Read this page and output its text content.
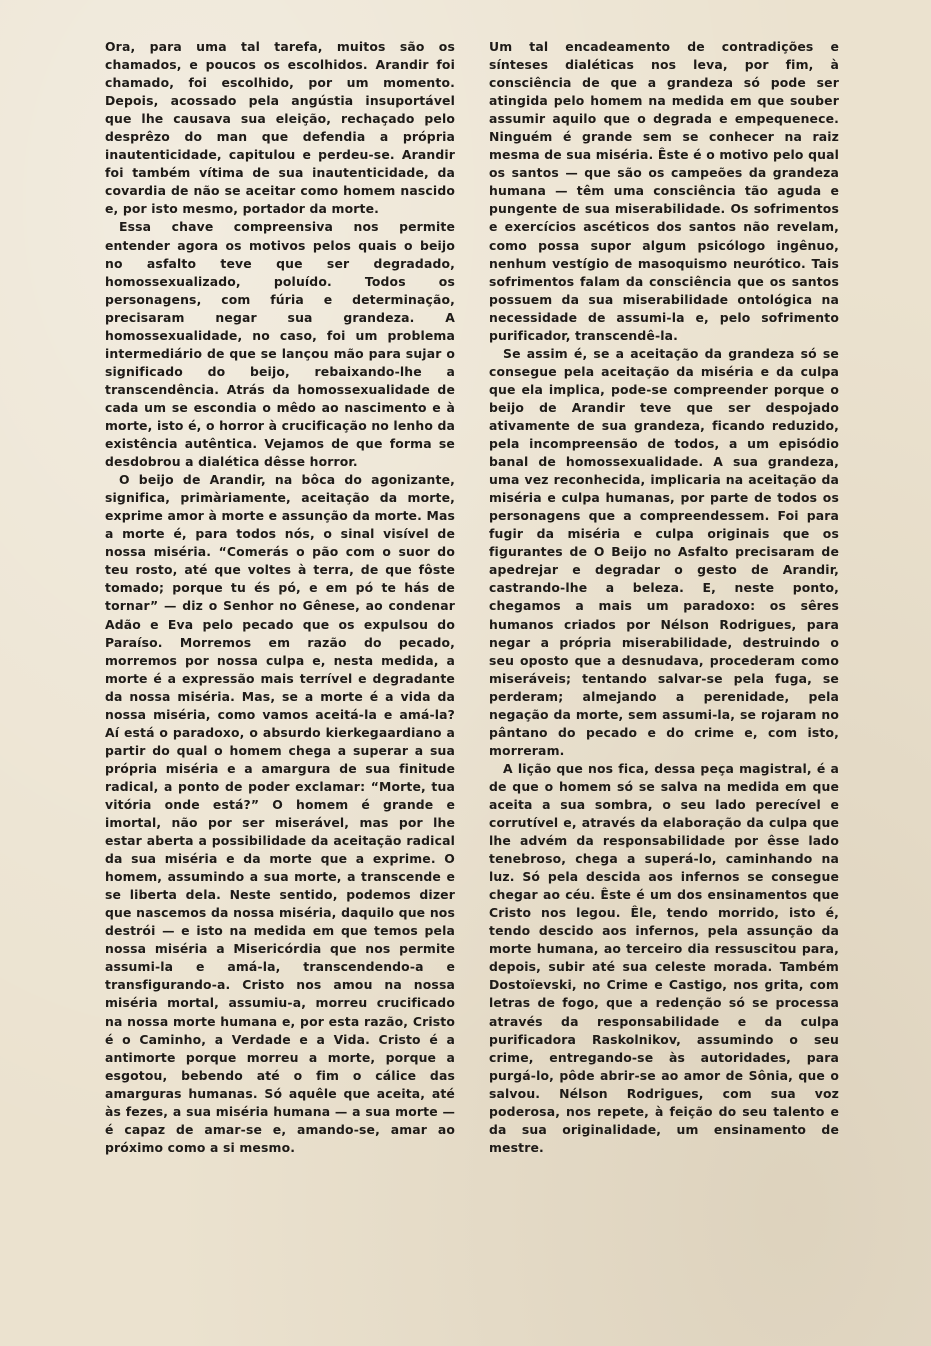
Ora, para uma tal tarefa, muitos são os chamados, e poucos os escolhidos. Arandir foi chamado, foi escolhido, por um momento. Depois, acossado pela angústia insuportável que lhe causava sua eleição, rechaçado pelo desprêzo do man que defendia a própria inautenticidade, capitulou e perdeu-se. Arandir foi também vítima de sua inautenticidade, da covardia de não se aceitar como homem nascido e, por isto mesmo, portador da morte.

Essa chave compreensiva nos permite entender agora os motivos pelos quais o beijo no asfalto teve que ser degradado, homossexualizado, poluído. Todos os personagens, com fúria e determinação, precisaram negar sua grandeza. A homossexualidade, no caso, foi um problema intermediário de que se lançou mão para sujar o significado do beijo, rebaixando-lhe a transcendência. Atrás da homossexualidade de cada um se escondia o mêdo ao nascimento e à morte, isto é, o horror à crucificação no lenho da existência autêntica. Vejamos de que forma se desdobrou a dialética dêsse horror.

O beijo de Arandir, na bôca do agonizante, significa, primàriamente, aceitação da morte, exprime amor à morte e assunção da morte. Mas a morte é, para todos nós, o sinal visível de nossa miséria. “Comerás o pão com o suor do teu rosto, até que voltes à terra, de que fôste tomado; porque tu és pó, e em pó te hás de tornar” — diz o Senhor no Gênese, ao condenar Adão e Eva pelo pecado que os expulsou do Paraíso. Morremos em razão do pecado, morremos por nossa culpa e, nesta medida, a morte é a expressão mais terrível e degradante da nossa miséria. Mas, se a morte é a vida da nossa miséria, como vamos aceitá-la e amá-la? Aí está o paradoxo, o absurdo kierkegaardiano a partir do qual o homem chega a superar a sua própria miséria e a amargura de sua finitude radical, a ponto de poder exclamar: “Morte, tua vitória onde está?” O homem é grande e imortal, não por ser miserável, mas por lhe estar aberta a possibilidade da aceitação radical da sua miséria e da morte que a exprime. O homem, assumindo a sua morte, a transcende e se liberta dela. Neste sentido, podemos dizer que nascemos da nossa miséria, daquilo que nos destrói — e isto na medida em que temos pela nossa miséria a Misericórdia que nos permite assumi-la e amá-la, transcendendo-a e transfigurando-a. Cristo nos amou na nossa miséria mortal, assumiu-a, morreu crucificado na nossa morte humana e, por esta razão, Cristo é o Caminho, a Verdade e a Vida. Cristo é a antimorte porque morreu a morte, porque a esgotou, bebendo até o fim o cálice das amarguras humanas. Só aquêle que aceita, até às fezes, a sua miséria humana — a sua morte — é capaz de amar-se e, amando-se, amar ao próximo como a si mesmo.

Um tal encadeamento de contradições e sínteses dialéticas nos leva, por fim, à consciência de que a grandeza só pode ser atingida pelo homem na medida em que souber assumir aquilo que o degrada e empequenece. Ninguém é grande sem se conhecer na raiz mesma de sua miséria. Êste é o motivo pelo qual os santos — que são os campeões da grandeza humana — têm uma consciência tão aguda e pungente de sua miserabilidade. Os sofrimentos e exercícios ascéticos dos santos não revelam, como possa supor algum psicólogo ingênuo, nenhum vestígio de masoquismo neurótico. Tais sofrimentos falam da consciência que os santos possuem da sua miserabilidade ontológica na necessidade de assumi-la e, pelo sofrimento purificador, transcendê-la.

Se assim é, se a aceitação da grandeza só se consegue pela aceitação da miséria e da culpa que ela implica, pode-se compreender porque o beijo de Arandir teve que ser despojado ativamente de sua grandeza, ficando reduzido, pela incompreensão de todos, a um episódio banal de homossexualidade. A sua grandeza, uma vez reconhecida, implicaria na aceitação da miséria e culpa humanas, por parte de todos os personagens que a compreendessem. Foi para fugir da miséria e culpa originais que os figurantes de O Beijo no Asfalto precisaram de apedrejar e degradar o gesto de Arandir, castrando-lhe a beleza. E, neste ponto, chegamos a mais um paradoxo: os sêres humanos criados por Nélson Rodrigues, para negar a própria miserabilidade, destruindo o seu oposto que a desnudava, procederam como miseráveis; tentando salvar-se pela fuga, se perderam; almejando a perenidade, pela negação da morte, sem assumi-la, se rojaram no pântano do pecado e do crime e, com isto, morreram.

A lição que nos fica, dessa peça magistral, é a de que o homem só se salva na medida em que aceita a sua sombra, o seu lado perecível e corrutível e, através da elaboração da culpa que lhe advém da responsabilidade por êsse lado tenebroso, chega a superá-lo, caminhando na luz. Só pela descida aos infernos se consegue chegar ao céu. Êste é um dos ensinamentos que Cristo nos legou. Êle, tendo morrido, isto é, tendo descido aos infernos, pela assunção da morte humana, ao terceiro dia ressuscitou para, depois, subir até sua celeste morada. Também Dostoïevski, no Crime e Castigo, nos grita, com letras de fogo, que a redenção só se processa através da responsabilidade e da culpa purificadora Raskolnikov, assumindo o seu crime, entregando-se às autoridades, para purgá-lo, pôde abrir-se ao amor de Sônia, que o salvou. Nélson Rodrigues, com sua voz poderosa, nos repete, à feição do seu talento e da sua originalidade, um ensinamento de mestre.
